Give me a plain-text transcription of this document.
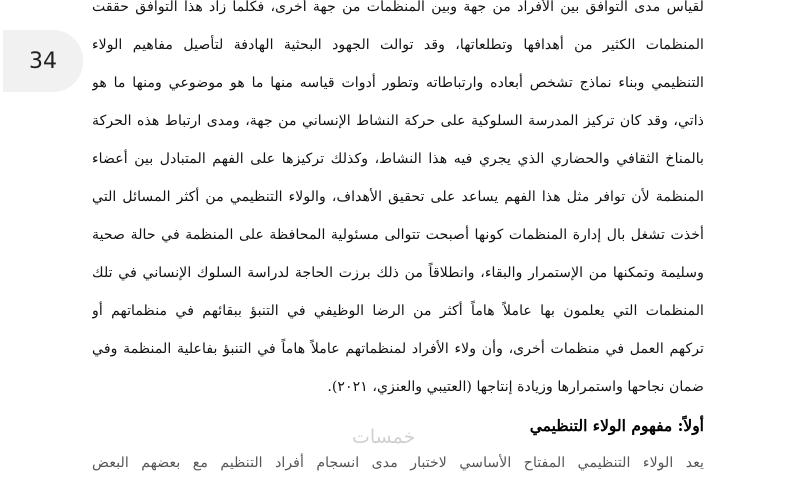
34
لقياس مدى التوافق بين الأفراد من جهة وبين المنظمات من جهة أخرى، فكلما زاد هذا التوافق حققت
المنظمات الكثير من أهدافها وتطلعاتها، وقد توالت الجهود البحثية الهادفة لتأصيل مفاهيم الولاء
التنظيمي وبناء نماذج تشخص أبعاده وارتباطاته وتطور أدوات قياسه منها ما هو موضوعي ومنها ما هو
ذاتي، وقد كان تركيز المدرسة السلوكية على حركة النشاط الإنساني من جهة، ومدى ارتباط هذه الحركة
بالمناخ الثقافي والحضاري الذي يجري فيه هذا النشاط، وكذلك تركيزها على الفهم المتبادل بين أعضاء
المنظمة لأن توافر مثل هذا الفهم يساعد على تحقيق الأهداف، والولاء التنظيمي من أكثر المسائل التي
أخذت تشغل بال إدارة المنظمات كونها أصبحت تتوالى مسئولية المحافظة على المنظمة في حالة صحية
وسليمة وتمكنها من الإستمرار والبقاء، وانطلاقاً من ذلك برزت الحاجة لدراسة السلوك الإنساني في تلك
المنظمات التي يعلمون بها عاملاً هاماً أكثر من الرضا الوظيفي في التنبؤ ببقائهم في منظماتهم أو
تركهم العمل في منظمات أخرى، وأن ولاء الأفراد لمنظماتهم عاملاً هاماً في التنبؤ بفاعلية المنظمة وفي
ضمان نجاحها واستمرارها وزيادة إنتاجها (العتيبي والعنزي، ٢٠٢١).
أولاً: مفهوم الولاء التنظيمي
يعد الولاء التنظيمي المفتاح الأساسي لاختبار مدى انسجام أفراد التنظيم مع بعضهم البعض
خمسات
